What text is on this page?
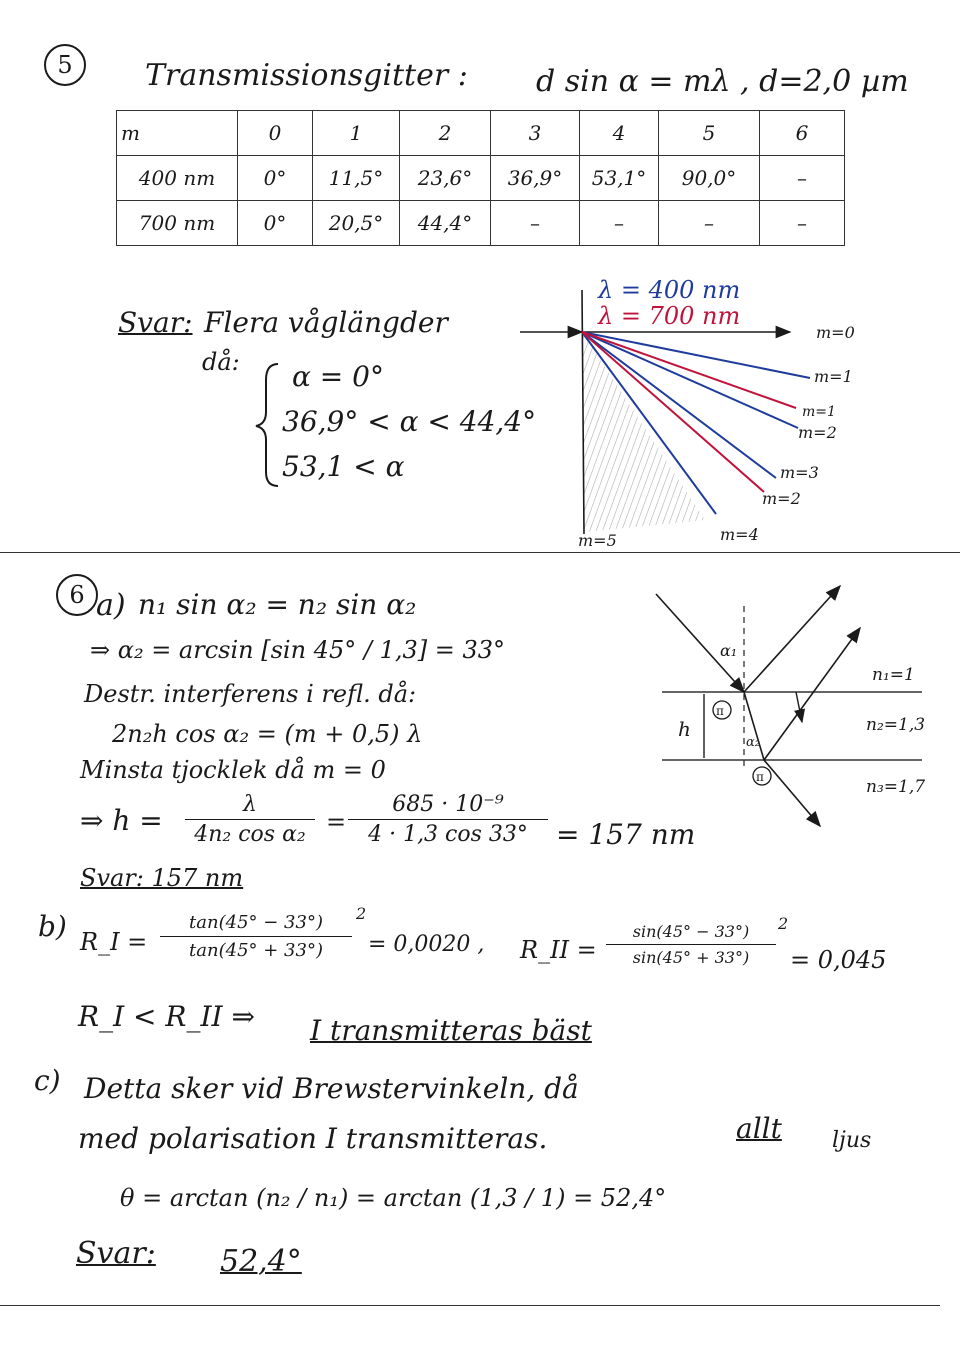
5	Transmissionsgitter : d sin α = mλ , d=2,0 µm
m	0	1	2	3	4	5	6
400 nm	0°	11,5°	23,6°	36,9°	53,1°	90,0°	–
700 nm	0°	20,5°	44,4°	–	–	–	–
Svar: Flera våglängder
då: α = 0°
36,9° < α < 44,4°
53,1 < α
m=0
m=1
m=1
m=2
m=3
m=2
m=4
m=5
λ = 400 nm
λ = 700 nm
6 a) n₁ sin α₂ = n₂ sin α₂
⇒ α₂ = arcsin [sin 45° / 1,3] = 33°
Destr. interferens i refl. då:
2n₂h cos α₂ = (m + 0,5) λ
Minsta tjocklek då m = 0
⇒ h =	λ
4n₂ cos α₂ =
685 · 10⁻⁹
4 · 1,3 cos 33°	= 157 nm
Svar: 157 nm
b) R_I =
tan(45° − 33°)
tan(45° + 33°)
2
= 0,0020 , R_II =
sin(45° − 33°)
sin(45° + 33°)
2
= 0,045
R_I < R_II ⇒ I transmitteras bäst
c) Detta sker vid Brewstervinkeln, då
allt ljus
med polarisation I transmitteras.
θ = arctan (n₂ / n₁) = arctan (1,3 / 1) = 52,4°
Svar: 52,4°
π
π
α₁
α₂
h
n₁=1
n₂=1,3
n₃=1,7
